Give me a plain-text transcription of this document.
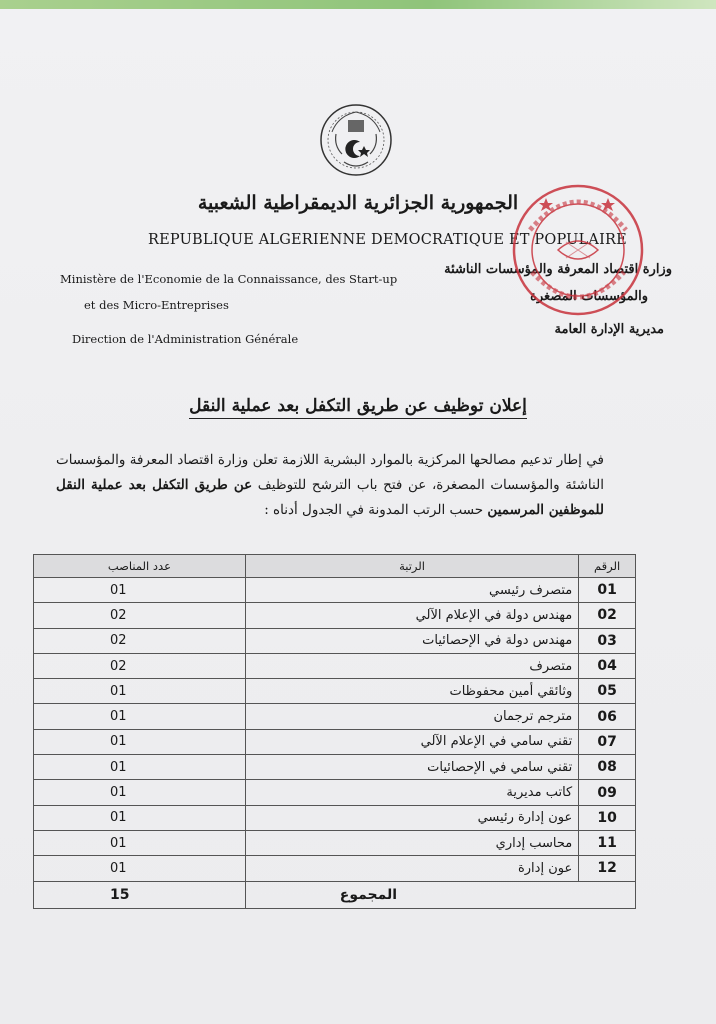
الجمهورية الجزائرية الديمقراطية الشعبية
REPUBLIQUE ALGERIENNE DEMOCRATIQUE ET POPULAIRE
Ministère de l'Economie de la Connaissance, des Start-up
et des Micro-Entreprises
Direction de l'Administration Générale
وزارة اقتصاد المعرفة والمؤسسات الناشئة
والمؤسسات المصغرة
مديرية الإدارة العامة
إعلان توظيف عن طريق التكفل بعد عملية النقل
في إطار تدعيم مصالحها المركزية بالموارد البشرية اللازمة تعلن وزارة اقتصاد المعرفة والمؤسسات الناشئة والمؤسسات المصغرة، عن فتح باب الترشح للتوظيف عن طريق التكفل بعد عملية النقل للموظفين المرسمين حسب الرتب المدونة في الجدول أدناه :
عدد المناصب	الرتبة	الرقم
01	متصرف رئيسي	01
02	مهندس دولة في الإعلام الآلي	02
02	مهندس دولة في الإحصائيات	03
02	متصرف	04
01	وثائقي أمين محفوظات	05
01	مترجم ترجمان	06
01	تقني سامي في الإعلام الآلي	07
01	تقني سامي في الإحصائيات	08
01	كاتب مديرية	09
01	عون إدارة رئيسي	10
01	محاسب إداري	11
01	عون إدارة	12
15	المجموع	
